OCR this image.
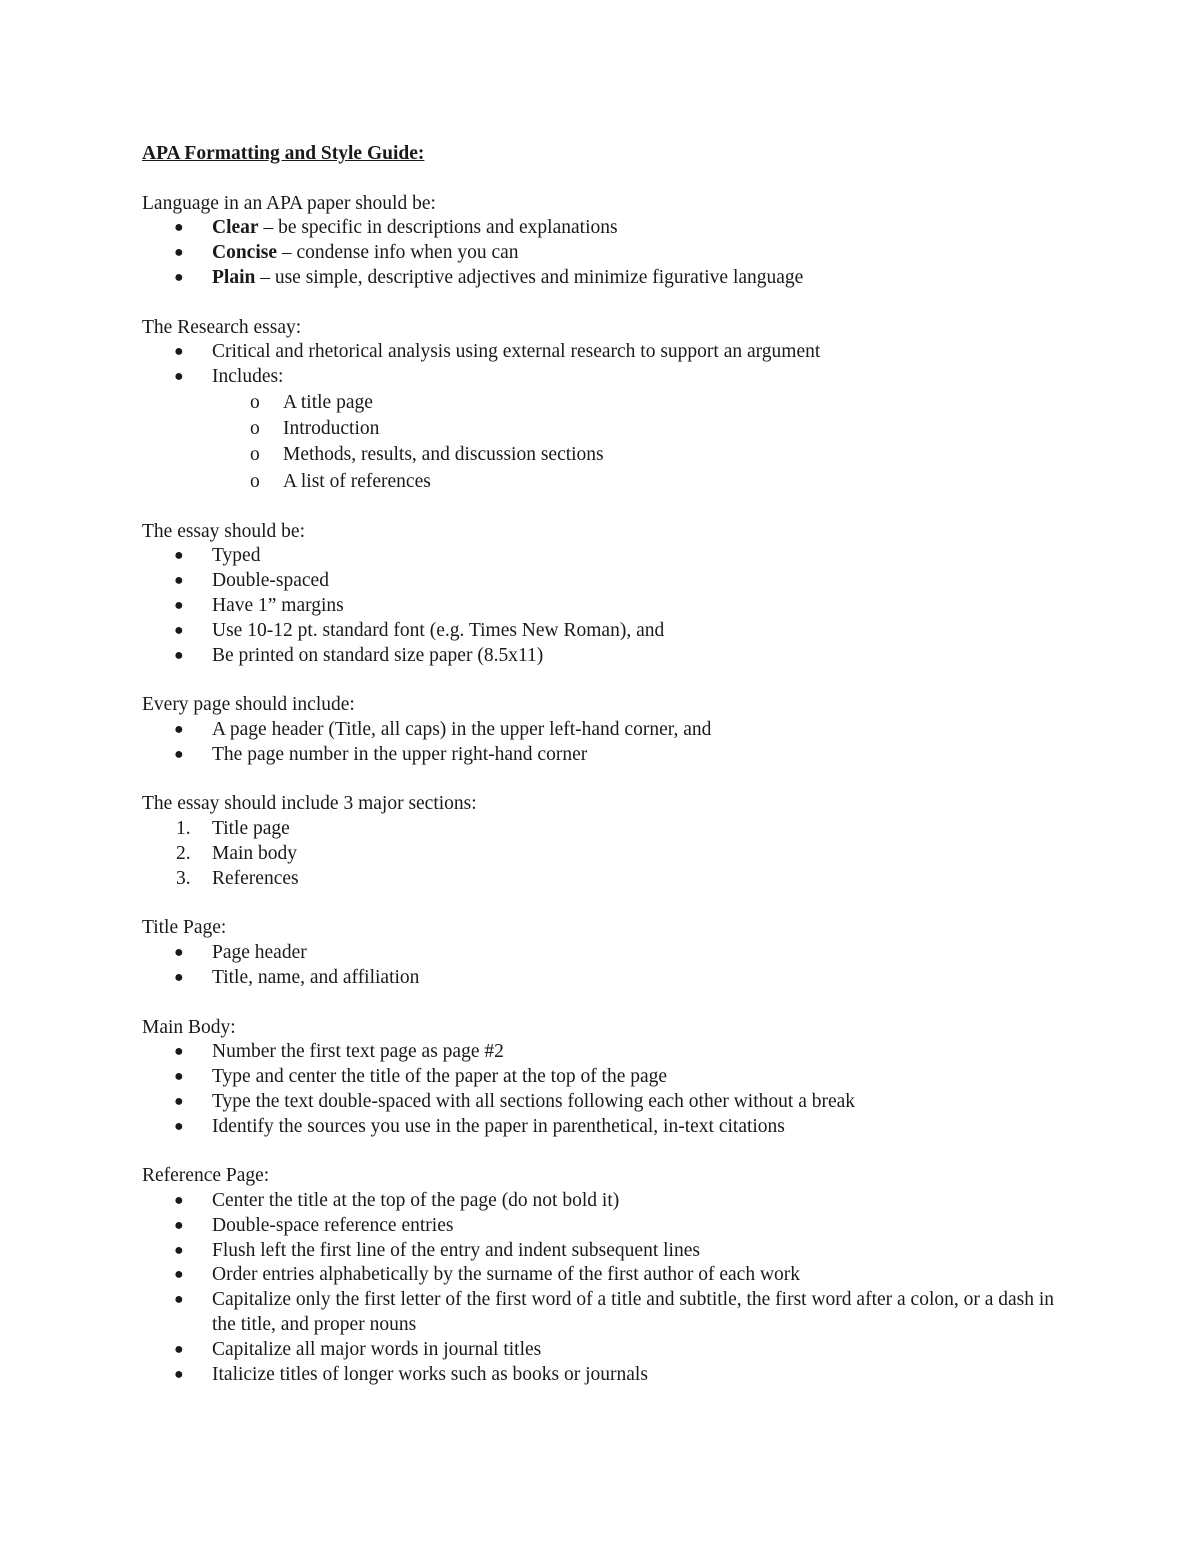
APA Formatting and Style Guide:

Language in an APA paper should be:

● Clear – be specific in descriptions and explanations
● Concise – condense info when you can
● Plain – use simple, descriptive adjectives and minimize figurative language

The Research essay:

● Critical and rhetorical analysis using external research to support an argument
● Includes:
o A title page
o Introduction
o Methods, results, and discussion sections
o A list of references

The essay should be:

● Typed
● Double-spaced
● Have 1” margins
● Use 10-12 pt. standard font (e.g. Times New Roman), and
● Be printed on standard size paper (8.5x11)

Every page should include:

● A page header (Title, all caps) in the upper left-hand corner, and
● The page number in the upper right-hand corner

The essay should include 3 major sections:

1. Title page
2. Main body
3. References

Title Page:

● Page header
● Title, name, and affiliation

Main Body:

● Number the first text page as page #2
● Type and center the title of the paper at the top of the page
● Type the text double-spaced with all sections following each other without a break
● Identify the sources you use in the paper in parenthetical, in-text citations

Reference Page:

● Center the title at the top of the page (do not bold it)
● Double-space reference entries
● Flush left the first line of the entry and indent subsequent lines
● Order entries alphabetically by the surname of the first author of each work
● Capitalize only the first letter of the first word of a title and subtitle, the first word after a colon, or a dash in the title, and proper nouns
● Capitalize all major words in journal titles
● Italicize titles of longer works such as books or journals
